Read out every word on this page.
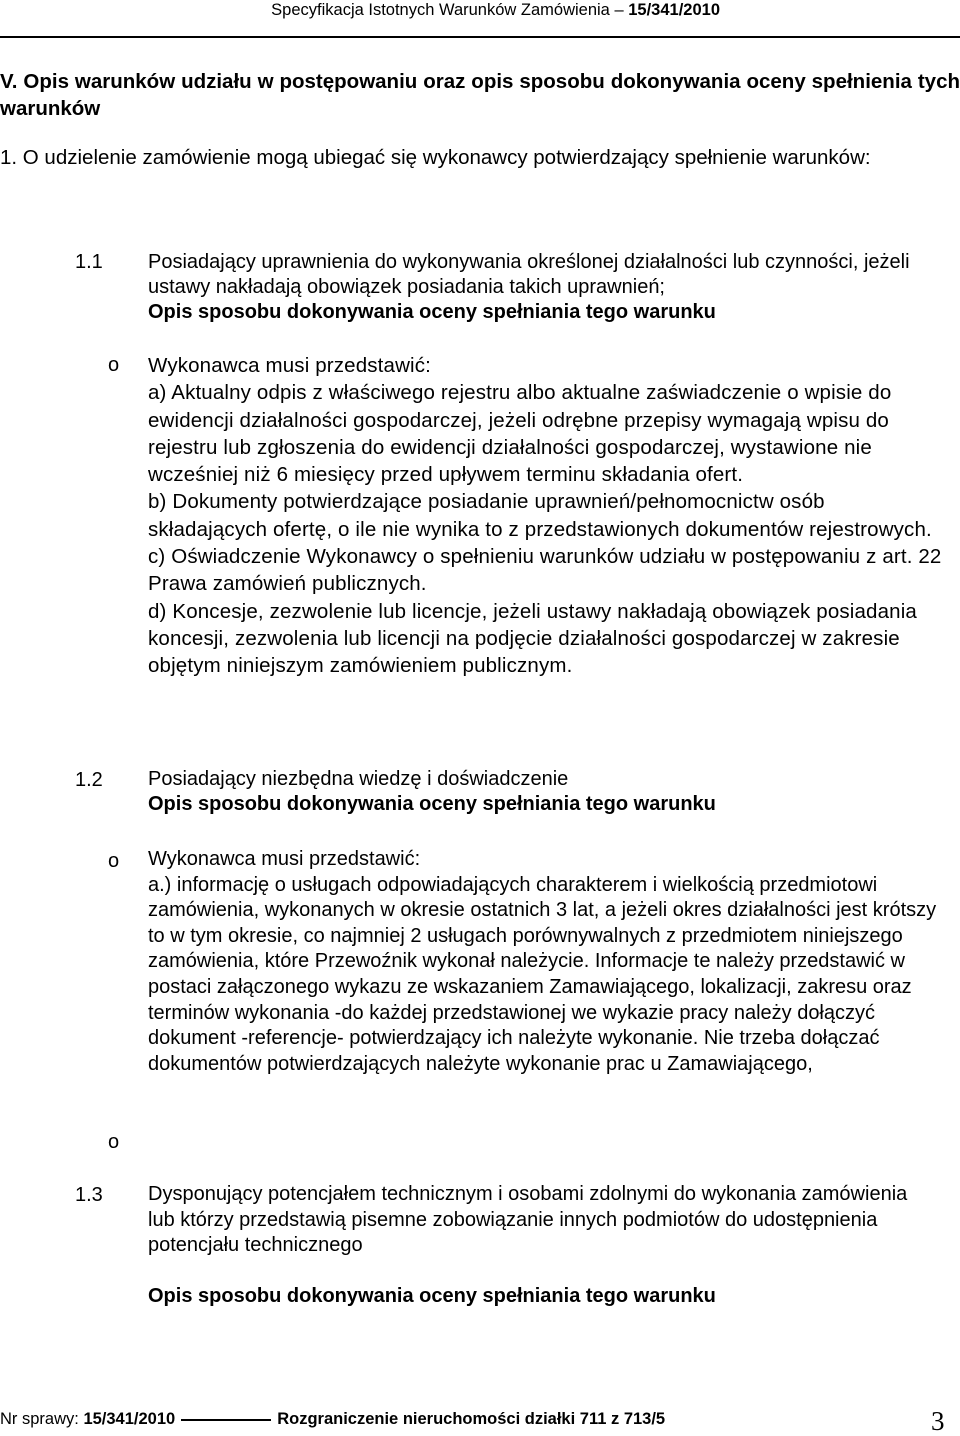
Specyfikacja Istotnych Warunków Zamówienia – 15/341/2010
V. Opis warunków udziału w postępowaniu oraz opis sposobu dokonywania oceny spełnienia tych warunków
1. O udzielenie zamówienie mogą ubiegać się wykonawcy potwierdzający spełnienie warunków:
1.1 Posiadający uprawnienia do wykonywania określonej działalności lub czynności, jeżeli ustawy nakładają obowiązek posiadania takich uprawnień;
Opis sposobu dokonywania oceny spełniania tego warunku
o Wykonawca musi przedstawić:

a) Aktualny odpis z właściwego rejestru albo aktualne zaświadczenie o wpisie do ewidencji działalności gospodarczej, jeżeli odrębne przepisy wymagają wpisu do rejestru lub zgłoszenia do ewidencji działalności gospodarczej, wystawione nie wcześniej niż 6 miesięcy przed upływem terminu składania ofert.

b) Dokumenty potwierdzające posiadanie uprawnień/pełnomocnictw osób składających ofertę, o ile nie wynika to z przedstawionych dokumentów rejestrowych.

c) Oświadczenie Wykonawcy o spełnieniu warunków udziału w postępowaniu z art. 22 Prawa zamówień publicznych.

d) Koncesje, zezwolenie lub licencje, jeżeli ustawy nakładają obowiązek posiadania koncesji, zezwolenia lub licencji na podjęcie działalności gospodarczej w zakresie objętym niniejszym zamówieniem publicznym.

1.2 Posiadający niezbędna wiedzę i doświadczenie
Opis sposobu dokonywania oceny spełniania tego warunku
o Wykonawca musi przedstawić:

a.) informację o usługach odpowiadających charakterem i wielkością przedmiotowi zamówienia, wykonanych w okresie ostatnich 3 lat, a jeżeli okres działalności jest krótszy to w tym okresie, co najmniej 2 usługach porównywalnych z przedmiotem niniejszego zamówienia, które Przewoźnik wykonał należycie. Informacje te należy przedstawić w postaci załączonego wykazu ze wskazaniem Zamawiającego, lokalizacji, zakresu oraz terminów wykonania -do każdej przedstawionej we wykazie pracy należy dołączyć dokument -referencje- potwierdzający ich należyte wykonanie. Nie trzeba dołączać dokumentów potwierdzających należyte wykonanie prac u Zamawiającego,

o
1.3 Dysponujący potencjałem technicznym i osobami zdolnymi do wykonania zamówienia lub którzy przedstawią pisemne zobowiązanie innych podmiotów do udostępnienia potencjału technicznego
Opis sposobu dokonywania oceny spełniania tego warunku
Nr sprawy: 15/341/2010	Rozgraniczenie nieruchomości działki 711 z 713/5	3
